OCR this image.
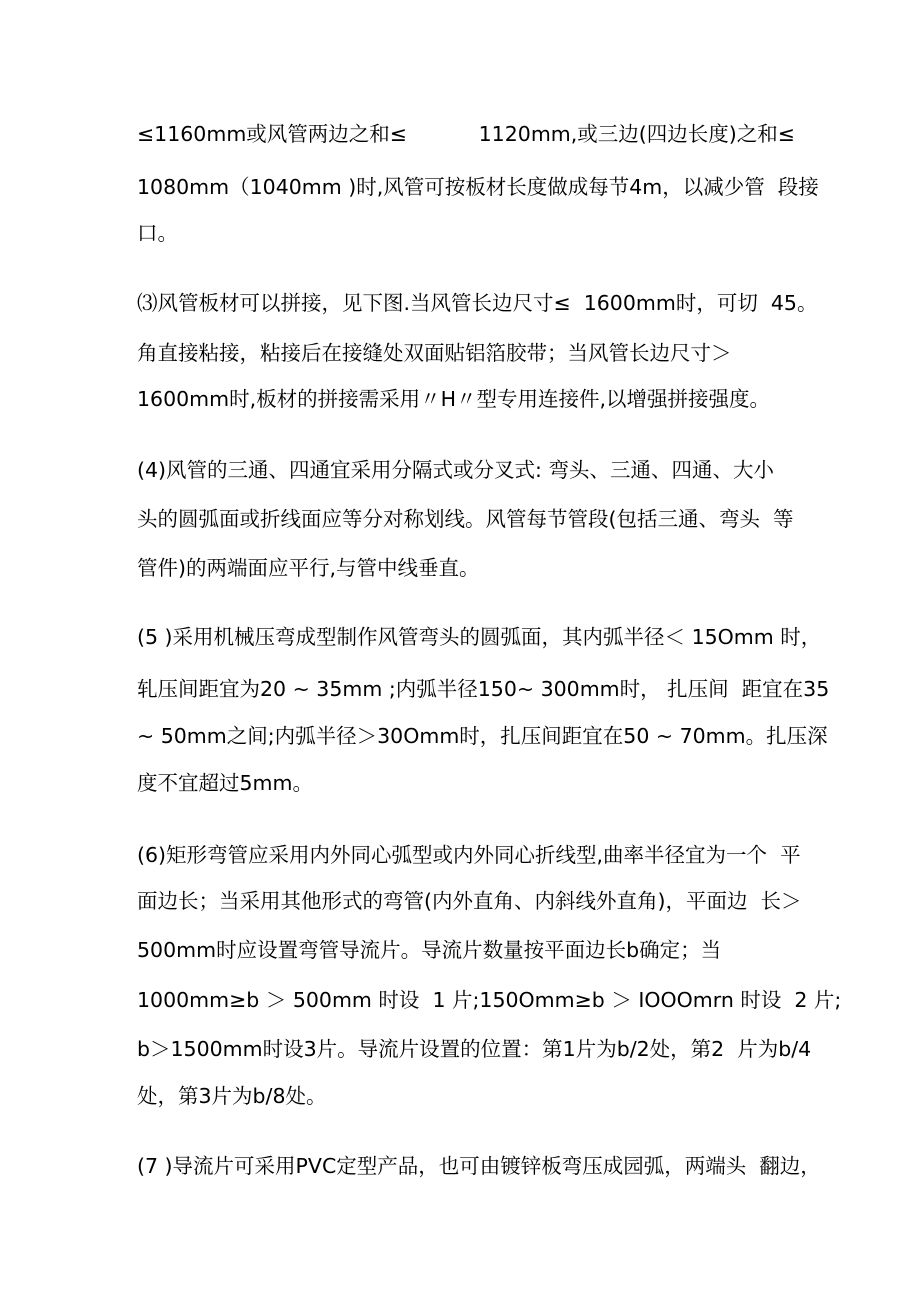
≤1160mm或风管两边之和≤           1120mm,或三边(四边长度)之和≤
1080mm（1040mm )时,风管可按板材长度做成每节4m，以减少管  段接
口。
⑶风管板材可以拼接，见下图.当风管长边尺寸≤  1600mm时，可切  45。
角直接粘接，粘接后在接缝处双面贴铝箔胶带；当风管长边尺寸＞
1600mm时,板材的拼接需采用〃H〃型专用连接件,以增强拼接强度。
(4)风管的三通、四通宜采用分隔式或分叉式: 弯头、三通、四通、大小
头的圆弧面或折线面应等分对称划线。风管每节管段(包括三通、弯头  等
管件)的两端面应平行,与管中线垂直。
(5 )采用机械压弯成型制作风管弯头的圆弧面，其内弧半径＜ 15Omm 时，
轧压间距宜为20 ~ 35mm ;内弧半径150~ 300mm时， 扎压间  距宜在35
~ 50mm之间;内弧半径＞30Omm时，扎压间距宜在50 ~ 70mm。扎压深
度不宜超过5mm。
(6)矩形弯管应采用内外同心弧型或内外同心折线型,曲率半径宜为一个  平
面边长；当采用其他形式的弯管(内外直角、内斜线外直角)，平面边  长＞
500mm时应设置弯管导流片。导流片数量按平面边长b确定；当
1000mm≥b ＞ 500mm 时设  1 片;150Omm≥b ＞ IOOOmrn 时设  2 片;
b＞1500mm时设3片。导流片设置的位置：第1片为b/2处，第2  片为b/4
处，第3片为b/8处。
(7 )导流片可采用PVC定型产品，也可由镀锌板弯压成园弧，两端头  翻边，
